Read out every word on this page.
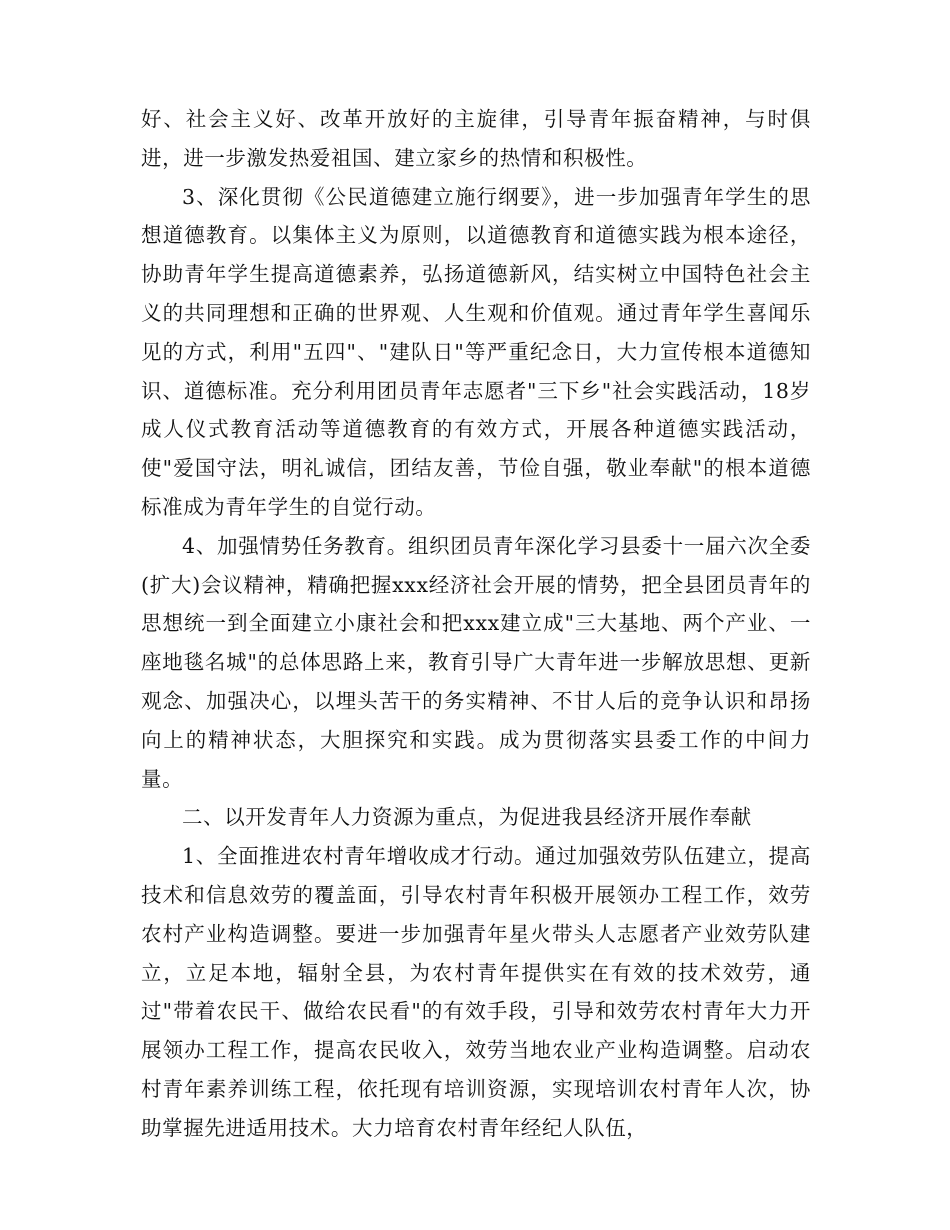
好、社会主义好、改革开放好的主旋律，引导青年振奋精神，与时俱进，进一步激发热爱祖国、建立家乡的热情和积极性。

3、深化贯彻《公民道德建立施行纲要》，进一步加强青年学生的思想道德教育。以集体主义为原则，以道德教育和道德实践为根本途径，协助青年学生提高道德素养，弘扬道德新风，结实树立中国特色社会主义的共同理想和正确的世界观、人生观和价值观。通过青年学生喜闻乐见的方式，利用"五四"、"建队日"等严重纪念日，大力宣传根本道德知识、道德标准。充分利用团员青年志愿者"三下乡"社会实践活动，18岁成人仪式教育活动等道德教育的有效方式，开展各种道德实践活动，使"爱国守法，明礼诚信，团结友善，节俭自强，敬业奉献"的根本道德标准成为青年学生的自觉行动。

4、加强情势任务教育。组织团员青年深化学习县委十一届六次全委(扩大)会议精神，精确把握xxx经济社会开展的情势，把全县团员青年的思想统一到全面建立小康社会和把xxx建立成"三大基地、两个产业、一座地毯名城"的总体思路上来，教育引导广大青年进一步解放思想、更新观念、加强决心，以埋头苦干的务实精神、不甘人后的竞争认识和昂扬向上的精神状态，大胆探究和实践。成为贯彻落实县委工作的中间力量。

二、以开发青年人力资源为重点，为促进我县经济开展作奉献

1、全面推进农村青年增收成才行动。通过加强效劳队伍建立，提高技术和信息效劳的覆盖面，引导农村青年积极开展领办工程工作，效劳农村产业构造调整。要进一步加强青年星火带头人志愿者产业效劳队建立，立足本地，辐射全县，为农村青年提供实在有效的技术效劳，通过"带着农民干、做给农民看"的有效手段，引导和效劳农村青年大力开展领办工程工作，提高农民收入，效劳当地农业产业构造调整。启动农村青年素养训练工程，依托现有培训资源，实现培训农村青年人次，协助掌握先进适用技术。大力培育农村青年经纪人队伍，
